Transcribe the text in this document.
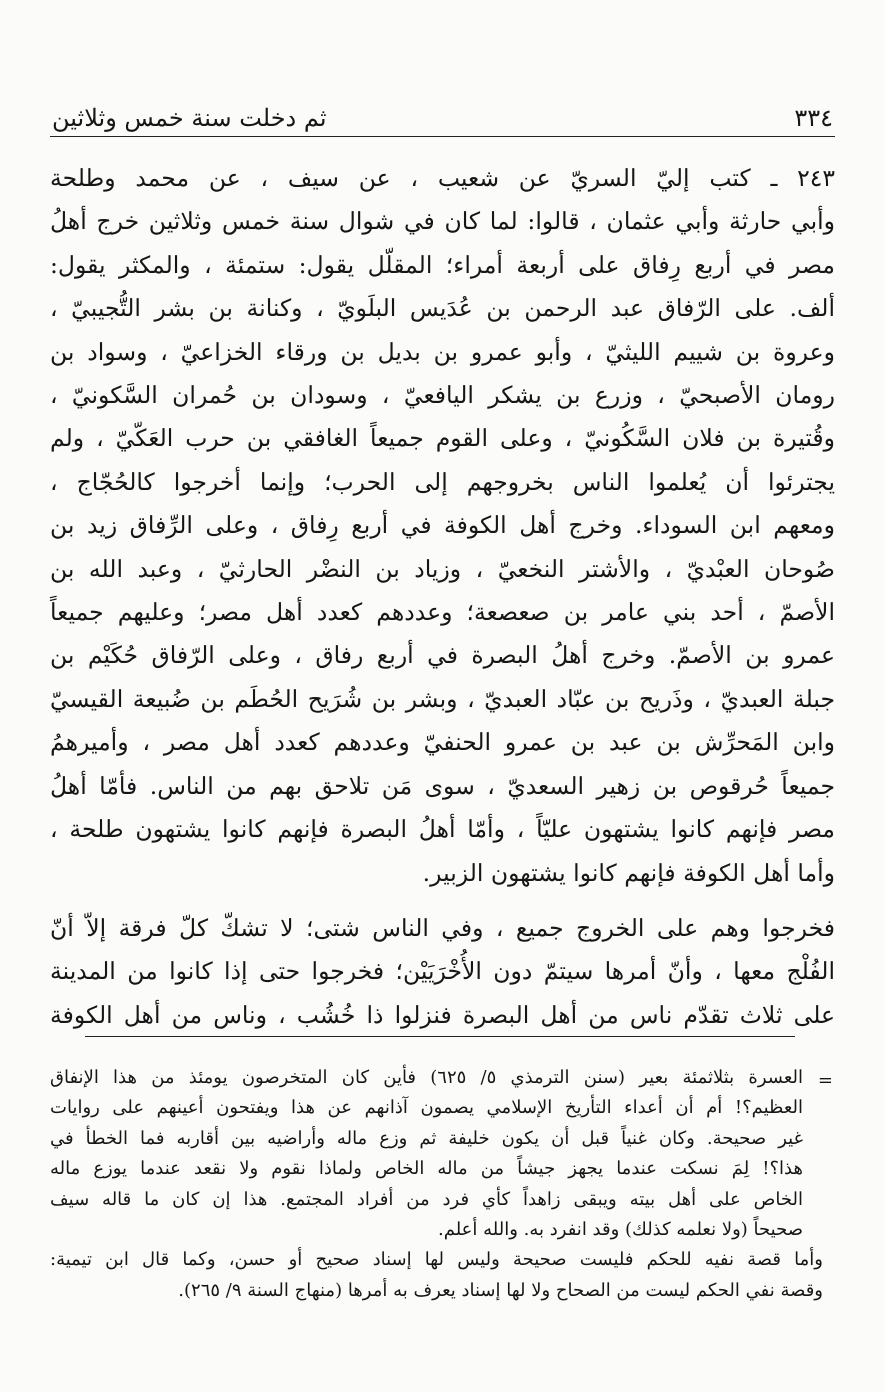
٣٣٤
ثم دخلت سنة خمس وثلاثين

٢٤٣ ـ كتب إليّ السريّ عن شعيب ، عن سيف ، عن محمد وطلحة
وأبي حارثة وأبي عثمان ، قالوا: لما كان في شوال سنة خمس وثلاثين خرج أهلُ
مصر في أربع رِفاق على أربعة أمراء؛ المقلّل يقول: ستمئة ، والمكثر يقول:
ألف. على الرّفاق عبد الرحمن بن عُدَيس البلَويّ ، وكنانة بن بشر التُّجيبيّ ،
وعروة بن شييم الليثيّ ، وأبو عمرو بن بديل بن ورقاء الخزاعيّ ، وسواد بن
رومان الأصبحيّ ، وزرع بن يشكر اليافعيّ ، وسودان بن حُمران السَّكونيّ ،
وقُتيرة بن فلان السَّكُونيّ ، وعلى القوم جميعاً الغافقي بن حرب العَكّيّ ، ولم
يجترئوا أن يُعلموا الناس بخروجهم إلى الحرب؛ وإنما أخرجوا كالحُجّاج ،
ومعهم ابن السوداء. وخرج أهل الكوفة في أربع رِفاق ، وعلى الرِّفاق زيد بن
صُوحان العبْديّ ، والأشتر النخعيّ ، وزياد بن النضْر الحارثيّ ، وعبد الله بن
الأصمّ ، أحد بني عامر بن صعصعة؛ وعددهم كعدد أهل مصر؛ وعليهم جميعاً
عمرو بن الأصمّ. وخرج أهلُ البصرة في أربع رفاق ، وعلى الرّفاق حُكَيْم بن
جبلة العبديّ ، وذَريح بن عبّاد العبديّ ، وبشر بن شُرَيح الحُطَم بن ضُبيعة القيسيّ
وابن المَحرِّش بن عبد بن عمرو الحنفيّ وعددهم كعدد أهل مصر ، وأميرهمُ
جميعاً حُرقوص بن زهير السعديّ ، سوى مَن تلاحق بهم من الناس. فأمّا أهلُ
مصر فإنهم كانوا يشتهون عليّاً ، وأمّا أهلُ البصرة فإنهم كانوا يشتهون طلحة ،
وأما أهل الكوفة فإنهم كانوا يشتهون الزبير.

فخرجوا وهم على الخروج جميع ، وفي الناس شتى؛ لا تشكّ كلّ فرقة إلاّ أنّ
الفُلْج معها ، وأنّ أمرها سيتمّ دون الأُخْرَيَيْن؛ فخرجوا حتى إذا كانوا من المدينة
على ثلاث تقدّم ناس من أهل البصرة فنزلوا ذا خُشُب ، وناس من أهل الكوفة

=
العسرة بثلاثمئة بعير (سنن الترمذي ٥/ ٦٢٥) فأين كان المتخرصون يومئذ من هذا الإنفاق
العظيم؟! أم أن أعداء التأريخ الإسلامي يصمون آذانهم عن هذا ويفتحون أعينهم على روايات
غير صحيحة. وكان غنياً قبل أن يكون خليفة ثم وزع ماله وأراضيه بين أقاربه فما الخطأ في
هذا؟! لِمَ نسكت عندما يجهز جيشاً من ماله الخاص ولماذا نقوم ولا نقعد عندما يوزع ماله
الخاص على أهل بيته ويبقى زاهداً كأي فرد من أفراد المجتمع. هذا إن كان ما قاله سيف
صحيحاً (ولا نعلمه كذلك) وقد انفرد به. والله أعلم.
وأما قصة نفيه للحكم فليست صحيحة وليس لها إسناد صحيح أو حسن، وكما قال ابن تيمية:
وقصة نفي الحكم ليست من الصحاح ولا لها إسناد يعرف به أمرها (منهاج السنة ٩/ ٢٦٥).
